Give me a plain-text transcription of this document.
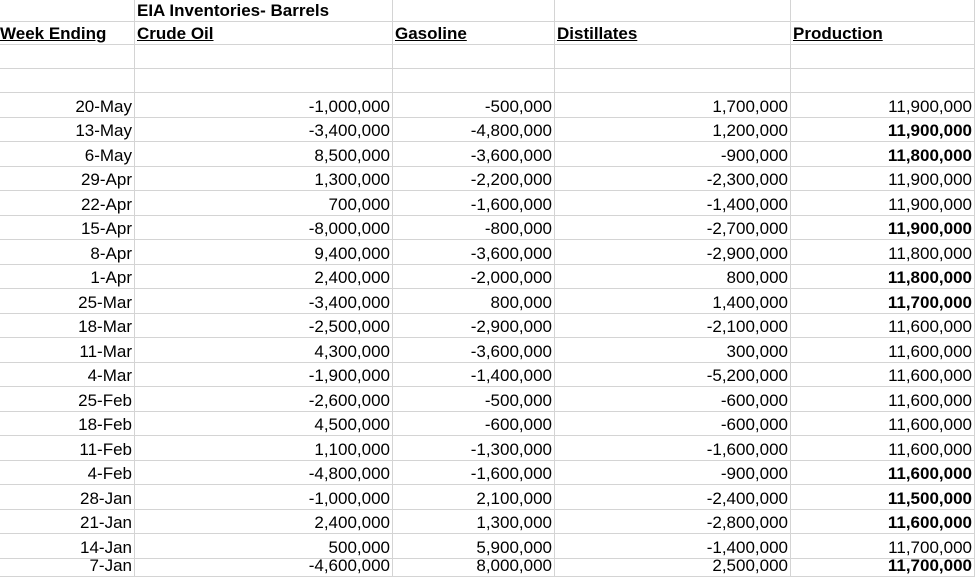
EIA Inventories- Barrels
Week Ending	Crude Oil	Gasoline	Distillates	Production
20-May	-1,000,000	-500,000	1,700,000	11,900,000
13-May	-3,400,000	-4,800,000	1,200,000	11,900,000
6-May	8,500,000	-3,600,000	-900,000	11,800,000
29-Apr	1,300,000	-2,200,000	-2,300,000	11,900,000
22-Apr	700,000	-1,600,000	-1,400,000	11,900,000
15-Apr	-8,000,000	-800,000	-2,700,000	11,900,000
8-Apr	9,400,000	-3,600,000	-2,900,000	11,800,000
1-Apr	2,400,000	-2,000,000	800,000	11,800,000
25-Mar	-3,400,000	800,000	1,400,000	11,700,000
18-Mar	-2,500,000	-2,900,000	-2,100,000	11,600,000
11-Mar	4,300,000	-3,600,000	300,000	11,600,000
4-Mar	-1,900,000	-1,400,000	-5,200,000	11,600,000
25-Feb	-2,600,000	-500,000	-600,000	11,600,000
18-Feb	4,500,000	-600,000	-600,000	11,600,000
11-Feb	1,100,000	-1,300,000	-1,600,000	11,600,000
4-Feb	-4,800,000	-1,600,000	-900,000	11,600,000
28-Jan	-1,000,000	2,100,000	-2,400,000	11,500,000
21-Jan	2,400,000	1,300,000	-2,800,000	11,600,000
14-Jan	500,000	5,900,000	-1,400,000	11,700,000
7-Jan	-4,600,000	8,000,000	2,500,000	11,700,000
